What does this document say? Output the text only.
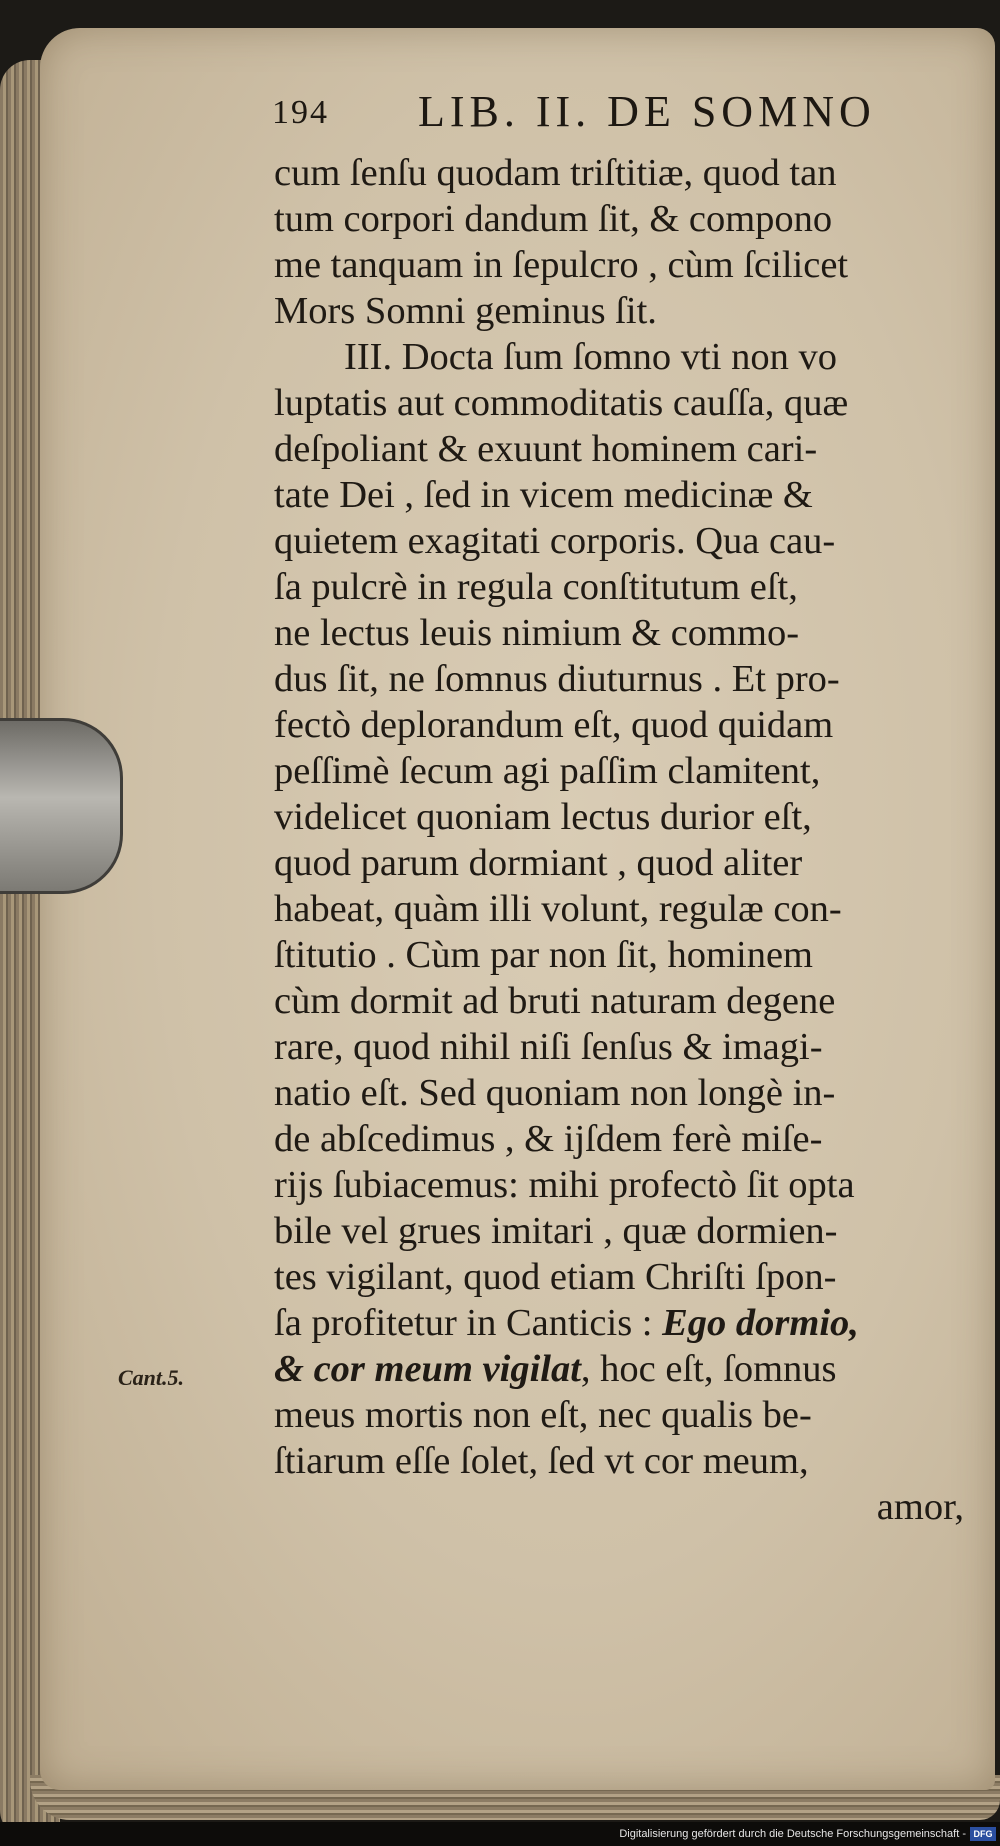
194 LIB. II. DE SOMNO
cum ſenſu quodam triſtitiæ, quod tan
tum corpori dandum ſit, & compono
me tanquam in ſepulcro , cùm ſcilicet
Mors Somni geminus ſit.
III. Docta ſum ſomno vti non vo
luptatis aut commoditatis cauſſa, quæ
deſpoliant & exuunt hominem cari-
tate Dei , ſed in vicem medicinæ &
quietem exagitati corporis. Qua cau-
ſa pulcrè in regula conſtitutum eſt,
ne lectus leuis nimium & commo-
dus ſit, ne ſomnus diuturnus . Et pro-
fectò deplorandum eſt, quod quidam
peſſimè ſecum agi paſſim clamitent,
videlicet quoniam lectus durior eſt,
quod parum dormiant , quod aliter
habeat, quàm illi volunt, regulæ con-
ſtitutio . Cùm par non ſit, hominem
cùm dormit ad bruti naturam degene
rare, quod nihil niſi ſenſus & imagi-
natio eſt. Sed quoniam non longè in-
de abſcedimus , & ijſdem ferè miſe-
rijs ſubiacemus: mihi profectò ſit opta
bile vel grues imitari , quæ dormien-
tes vigilant, quod etiam Chriſti ſpon-
ſa profitetur in Canticis : Ego dormio,
& cor meum vigilat, hoc eſt, ſomnus
meus mortis non eſt, nec qualis be-
ſtiarum eſſe ſolet, ſed vt cor meum,
amor,
Cant.5.
Digitalisierung gefördert durch die Deutsche Forschungsgemeinschaft - DFG
